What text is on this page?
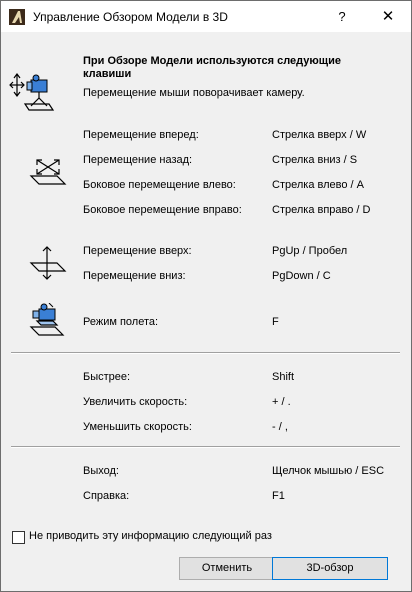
Управление Обзором Модели в 3D	?	✕
При Обзоре Модели используются следующие
клавиши
Перемещение мыши поворачивает камеру.
Перемещение вперед:	Стрелка вверх / W
Перемещение назад:	Стрелка вниз / S
Боковое перемещение влево:	Стрелка влево / A
Боковое перемещение вправо:	Стрелка вправо / D
Перемещение вверх:	PgUp / Пробел
Перемещение вниз:	PgDown / C
Режим полета:	F
Быстрее:	Shift
Увеличить скорость:	+ / .
Уменьшить скорость:	- / ,
Выход:	Щелчок мышью / ESC
Справка:	F1
Не приводить эту информацию следующий раз
Отменить	3D-обзор
